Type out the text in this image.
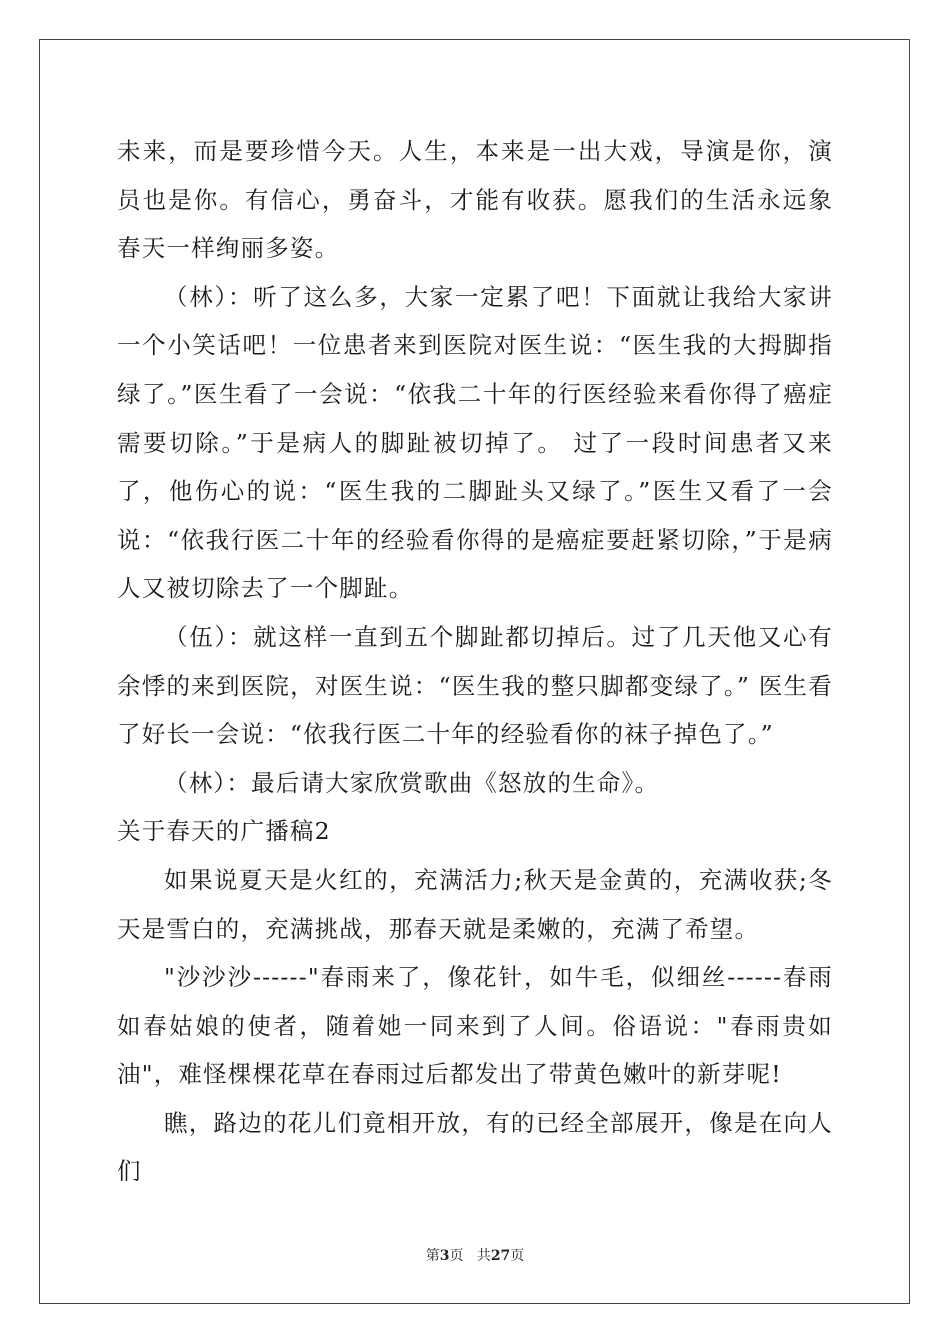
未来，而是要珍惜今天。人生，本来是一出大戏，导演是你，演员也是你。有信心，勇奋斗，才能有收获。愿我们的生活永远象春天一样绚丽多姿。

（林）：听了这么多，大家一定累了吧！下面就让我给大家讲一个小笑话吧！一位患者来到医院对医生说：“医生我的大拇脚指绿了。”医生看了一会说：“依我二十年的行医经验来看你得了癌症需要切除。”于是病人的脚趾被切掉了。 过了一段时间患者又来了，他伤心的说：“医生我的二脚趾头又绿了。”医生又看了一会说：“依我行医二十年的经验看你得的是癌症要赶紧切除，”于是病人又被切除去了一个脚趾。

（伍）：就这样一直到五个脚趾都切掉后。过了几天他又心有余悸的来到医院，对医生说：“医生我的整只脚都变绿了。” 医生看了好长一会说：“依我行医二十年的经验看你的袜子掉色了。”

（林）：最后请大家欣赏歌曲《怒放的生命》。

关于春天的广播稿2

如果说夏天是火红的，充满活力;秋天是金黄的，充满收获;冬天是雪白的，充满挑战，那春天就是柔嫩的，充满了希望。

"沙沙沙------"春雨来了，像花针，如牛毛，似细丝------春雨如春姑娘的使者，随着她一同来到了人间。俗语说："春雨贵如油"，难怪棵棵花草在春雨过后都发出了带黄色嫩叶的新芽呢!

瞧，路边的花儿们竟相开放，有的已经全部展开，像是在向人们

第3页 共27页
